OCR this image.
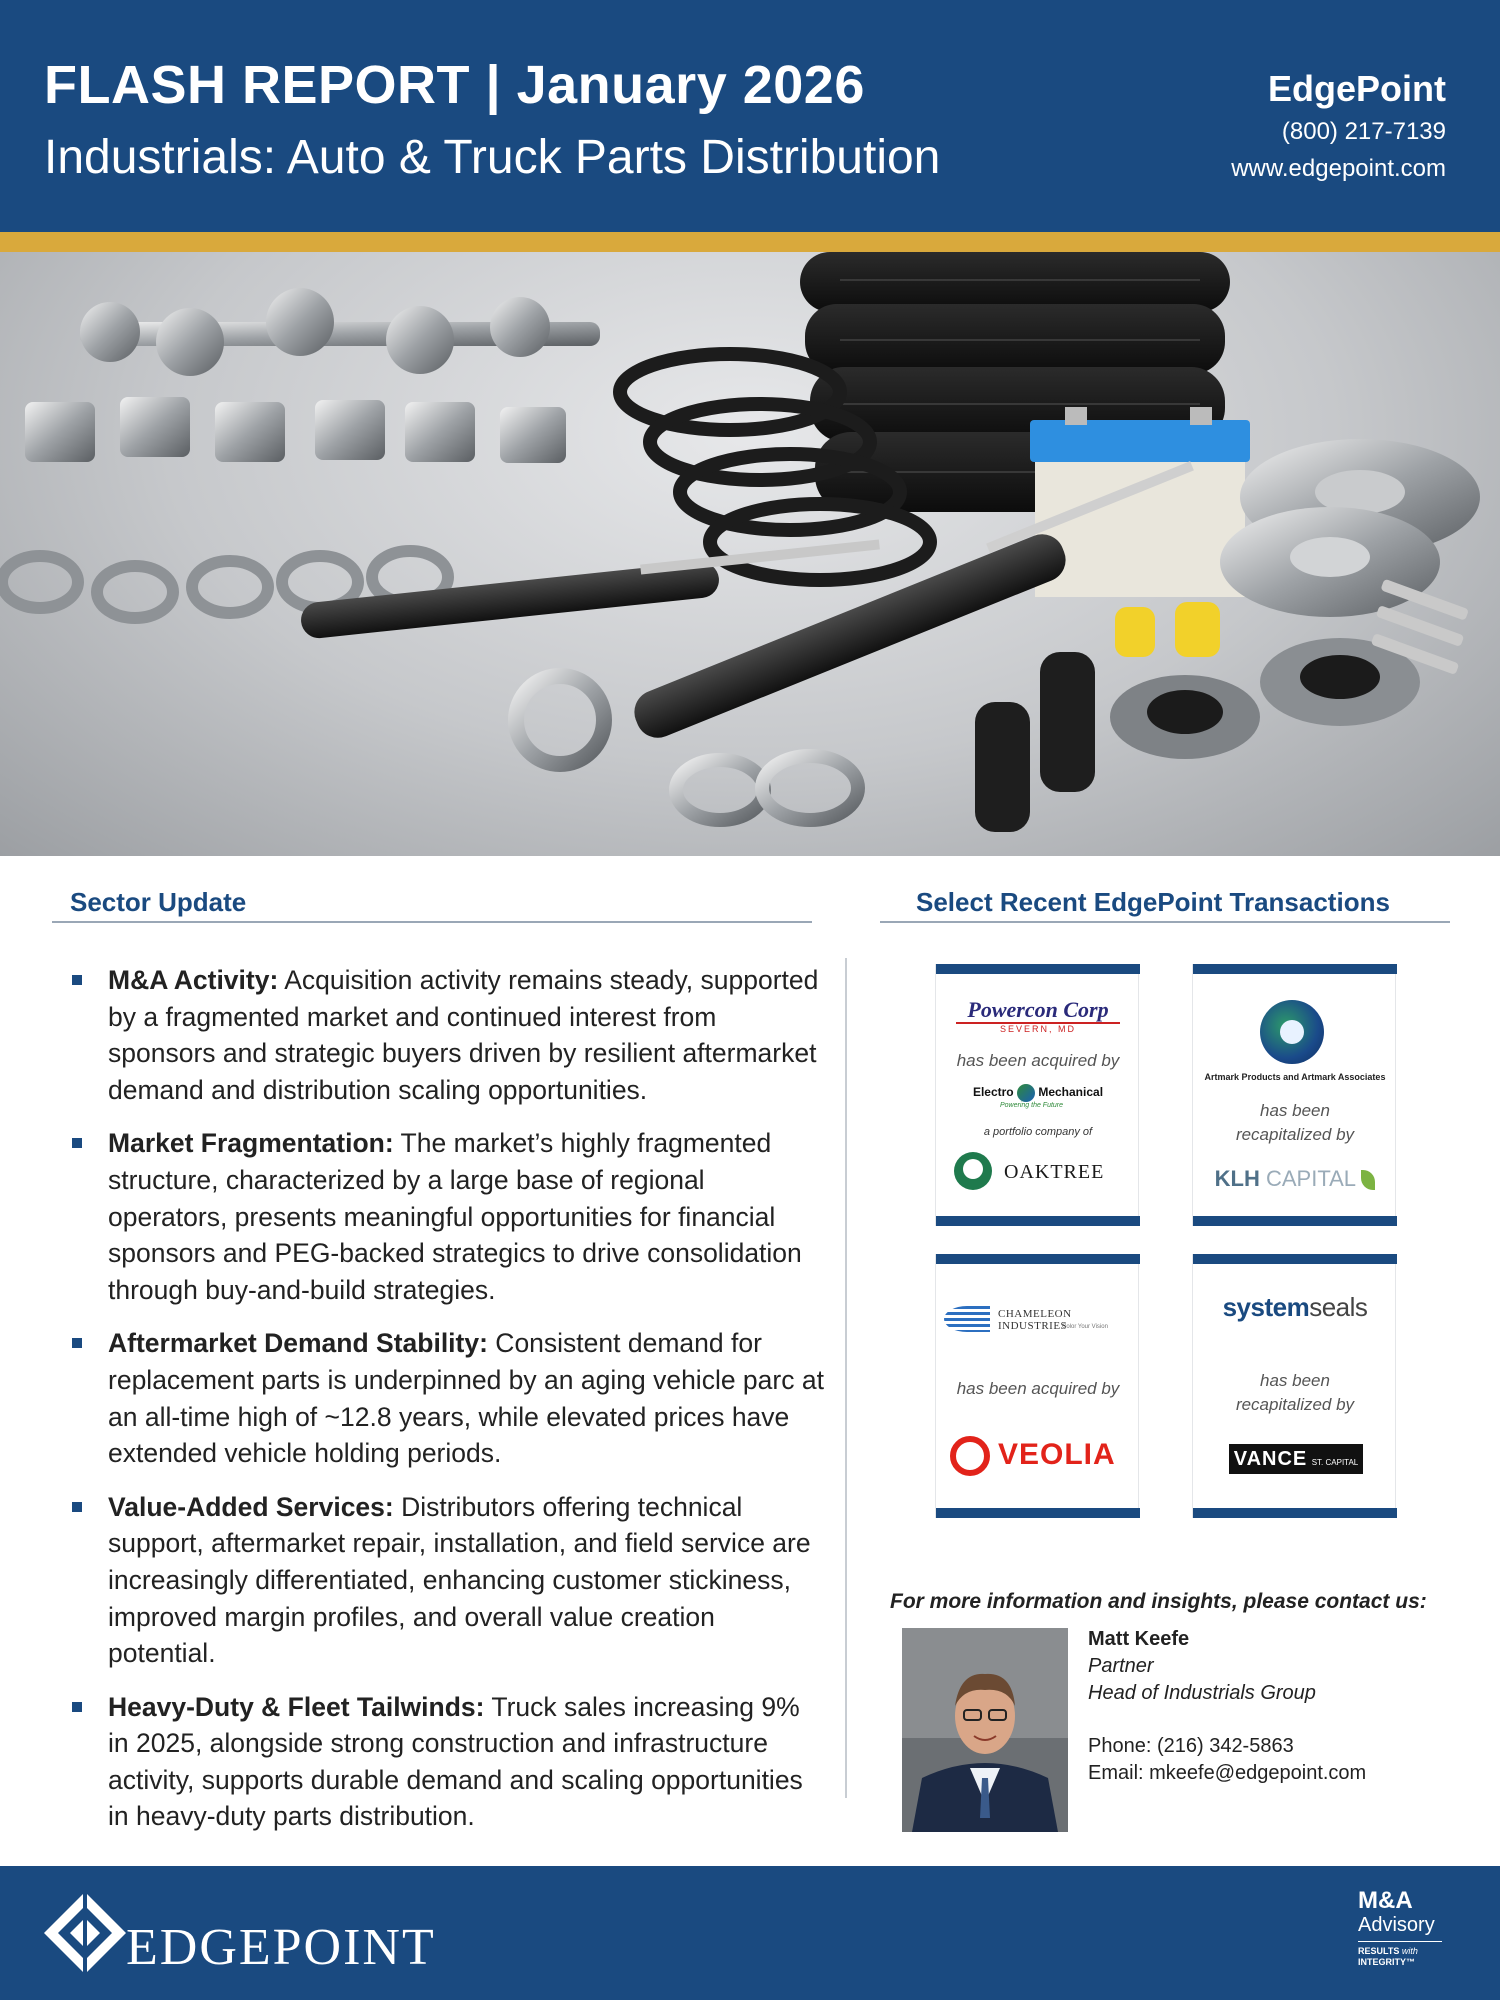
FLASH REPORT | January 2026
Industrials: Auto & Truck Parts Distribution
EdgePoint
(800) 217-7139
www.edgepoint.com
Sector Update
M&A Activity: Acquisition activity remains steady, supported by a fragmented market and continued interest from sponsors and strategic buyers driven by resilient aftermarket demand and distribution scaling opportunities.
Market Fragmentation: The market’s highly fragmented structure, characterized by a large base of regional operators, presents meaningful opportunities for financial sponsors and PEG-backed strategics to drive consolidation through buy-and-build strategies.
Aftermarket Demand Stability: Consistent demand for replacement parts is underpinned by an aging vehicle parc at an all-time high of ~12.8 years, while elevated prices have extended vehicle holding periods.
Value-Added Services: Distributors offering technical support, aftermarket repair, installation, and field service are increasingly differentiated, enhancing customer stickiness, improved margin profiles, and overall value creation potential.
Heavy-Duty & Fleet Tailwinds: Truck sales increasing 9% in 2025, alongside strong construction and infrastructure activity, supports durable demand and scaling opportunities in heavy-duty parts distribution.
Select Recent EdgePoint Transactions
Powercon Corp
SEVERN, MD
has been acquired by
Electro Mechanical
Powering the Future
a portfolio company of
OAKTREE
Artmark Products and Artmark Associates
has been
recapitalized by
KLH CAPITAL
CHAMELEON INDUSTRIES
Color Your Vision
has been acquired by
VEOLIA
systemseals
has been
recapitalized by
VANCE ST. CAPITAL
For more information and insights, please contact us:
Matt Keefe
Partner
Head of Industrials Group
Phone: (216) 342-5863
Email: mkeefe@edgepoint.com
EDGEPOINT
M&A
Advisory
RESULTS with
INTEGRITY™
